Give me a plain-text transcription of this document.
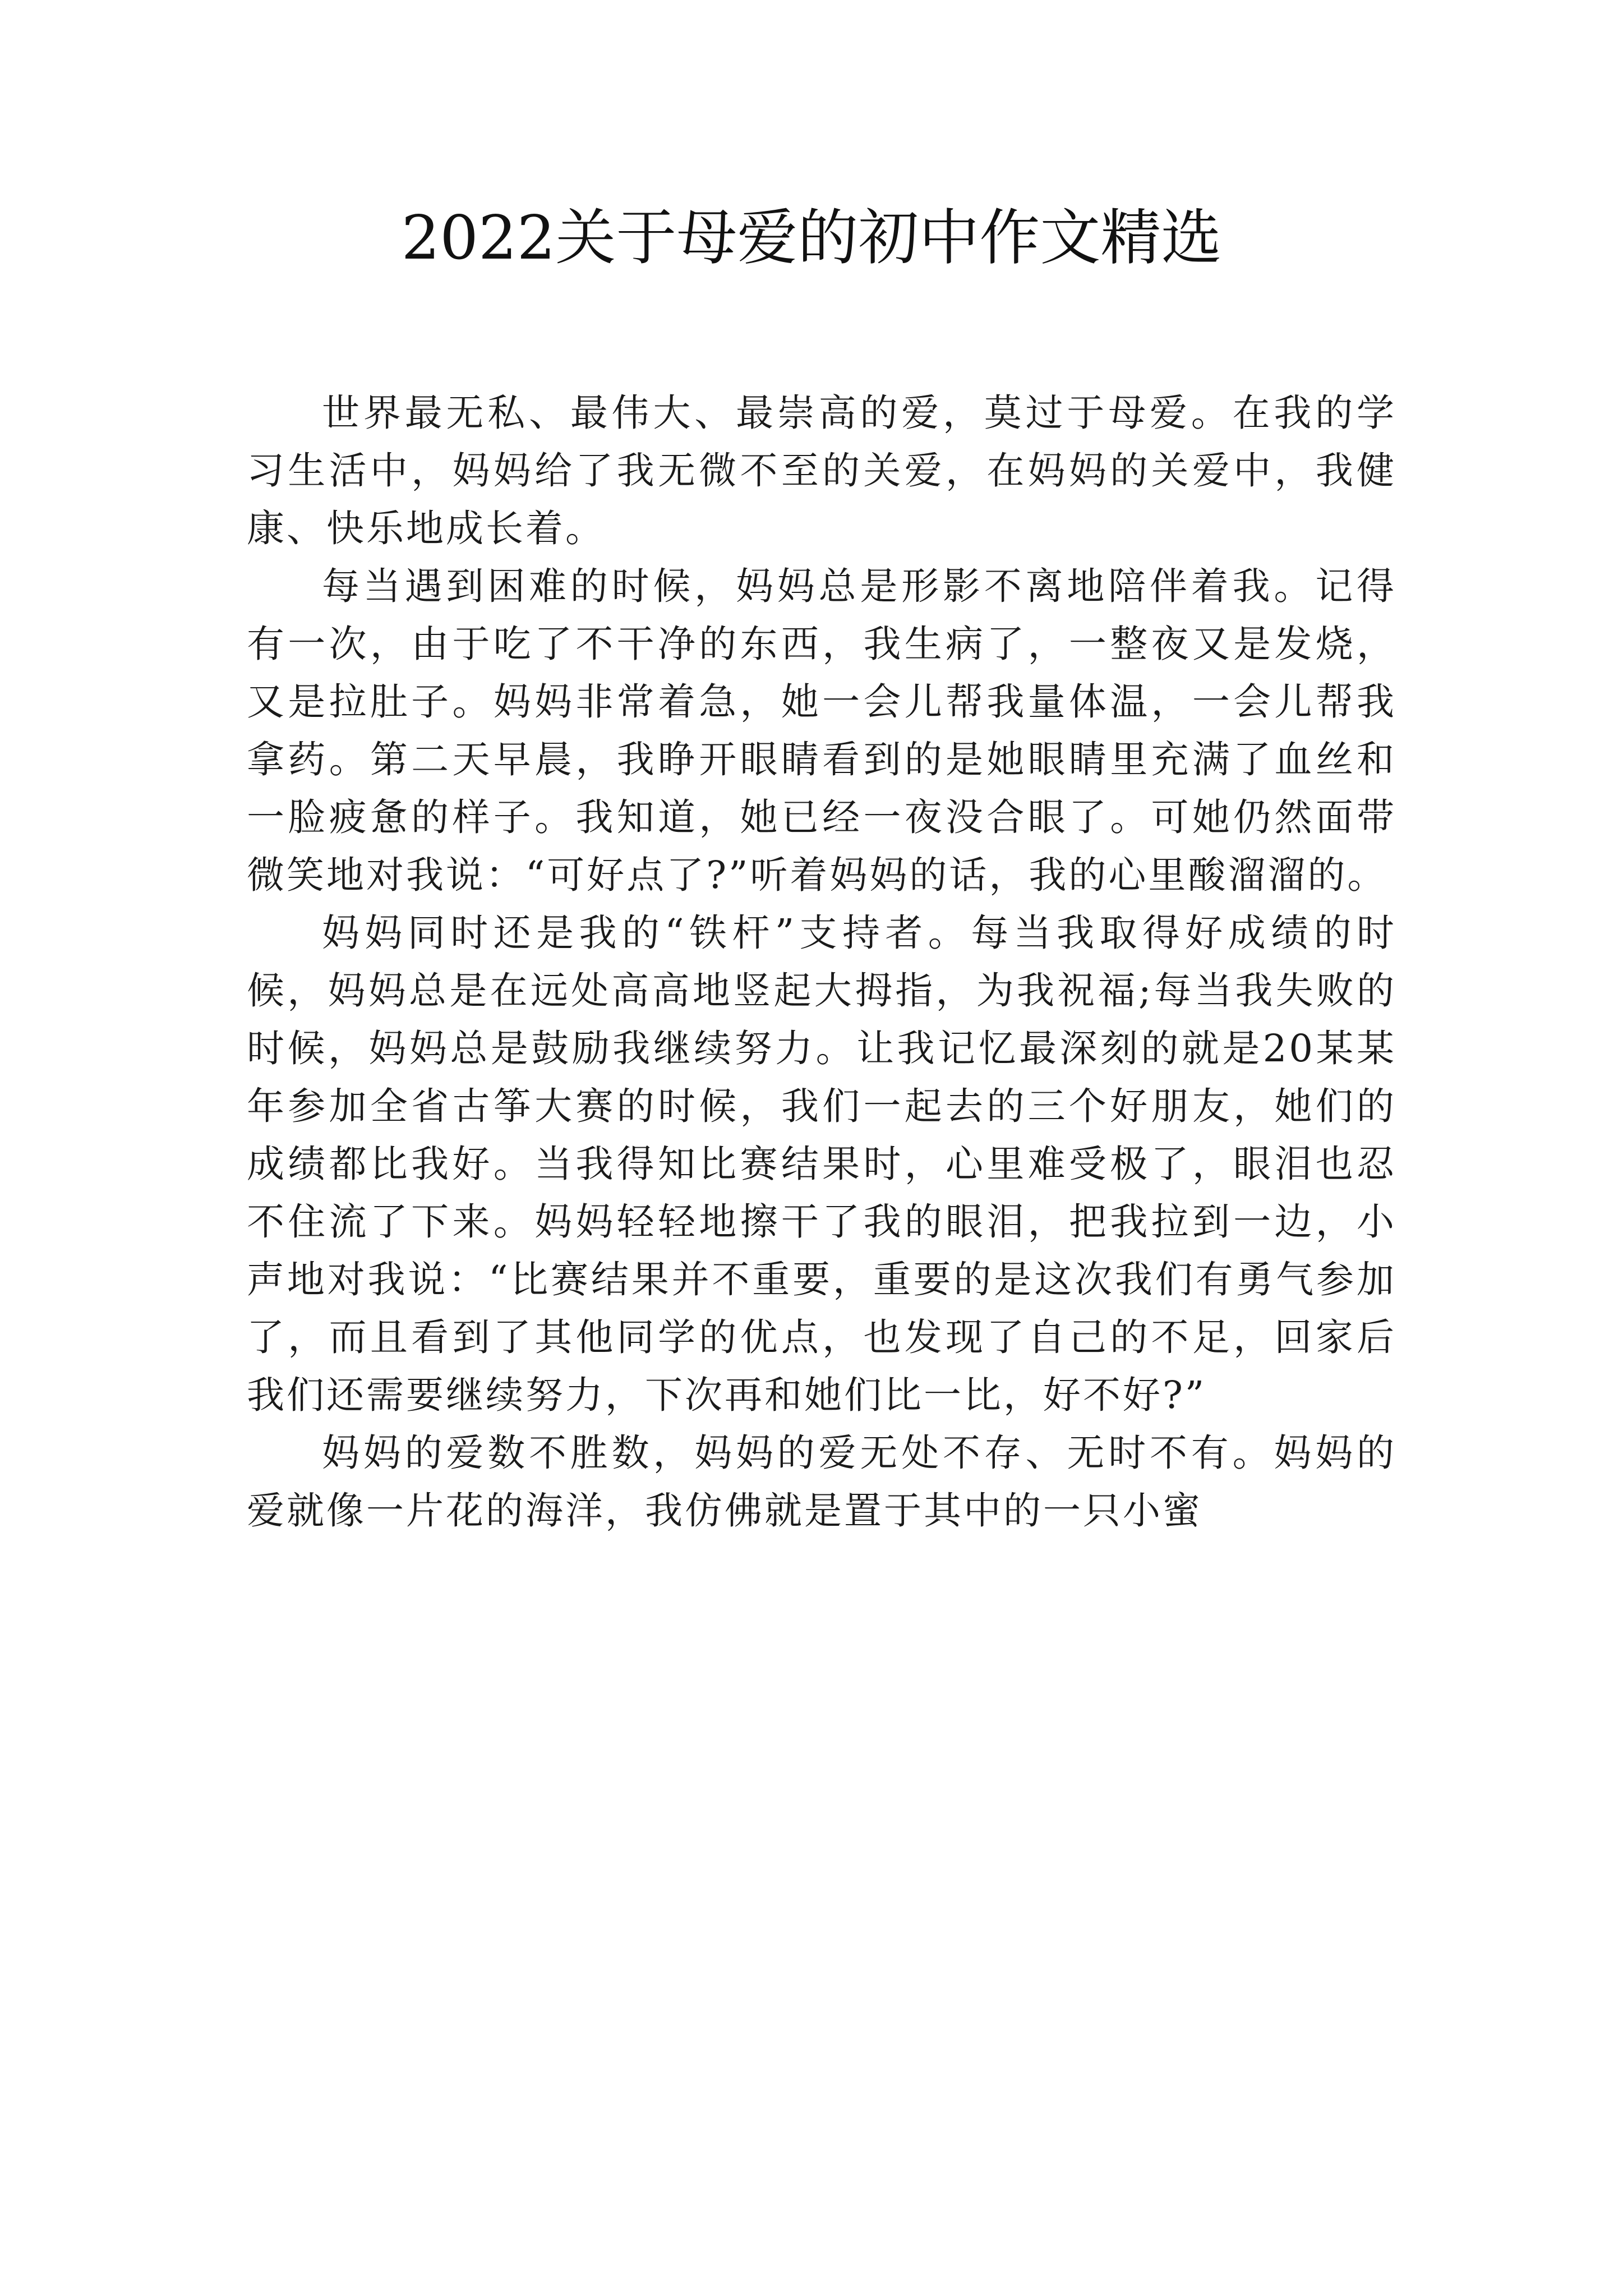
2022关于母爱的初中作文精选

世界最无私、最伟大、最崇高的爱，莫过于母爱。在我的学习生活中，妈妈给了我无微不至的关爱，在妈妈的关爱中，我健康、快乐地成长着。

每当遇到困难的时候，妈妈总是形影不离地陪伴着我。记得有一次，由于吃了不干净的东西，我生病了，一整夜又是发烧，又是拉肚子。妈妈非常着急，她一会儿帮我量体温，一会儿帮我拿药。第二天早晨，我睁开眼睛看到的是她眼睛里充满了血丝和一脸疲惫的样子。我知道，她已经一夜没合眼了。可她仍然面带微笑地对我说：“可好点了?”听着妈妈的话，我的心里酸溜溜的。

妈妈同时还是我的“铁杆”支持者。每当我取得好成绩的时候，妈妈总是在远处高高地竖起大拇指，为我祝福;每当我失败的时候，妈妈总是鼓励我继续努力。让我记忆最深刻的就是20某某年参加全省古筝大赛的时候，我们一起去的三个好朋友，她们的成绩都比我好。当我得知比赛结果时，心里难受极了，眼泪也忍不住流了下来。妈妈轻轻地擦干了我的眼泪，把我拉到一边，小声地对我说：“比赛结果并不重要，重要的是这次我们有勇气参加了，而且看到了其他同学的优点，也发现了自己的不足，回家后我们还需要继续努力，下次再和她们比一比，好不好?”

妈妈的爱数不胜数，妈妈的爱无处不存、无时不有。妈妈的爱就像一片花的海洋，我仿佛就是置于其中的一只小蜜
